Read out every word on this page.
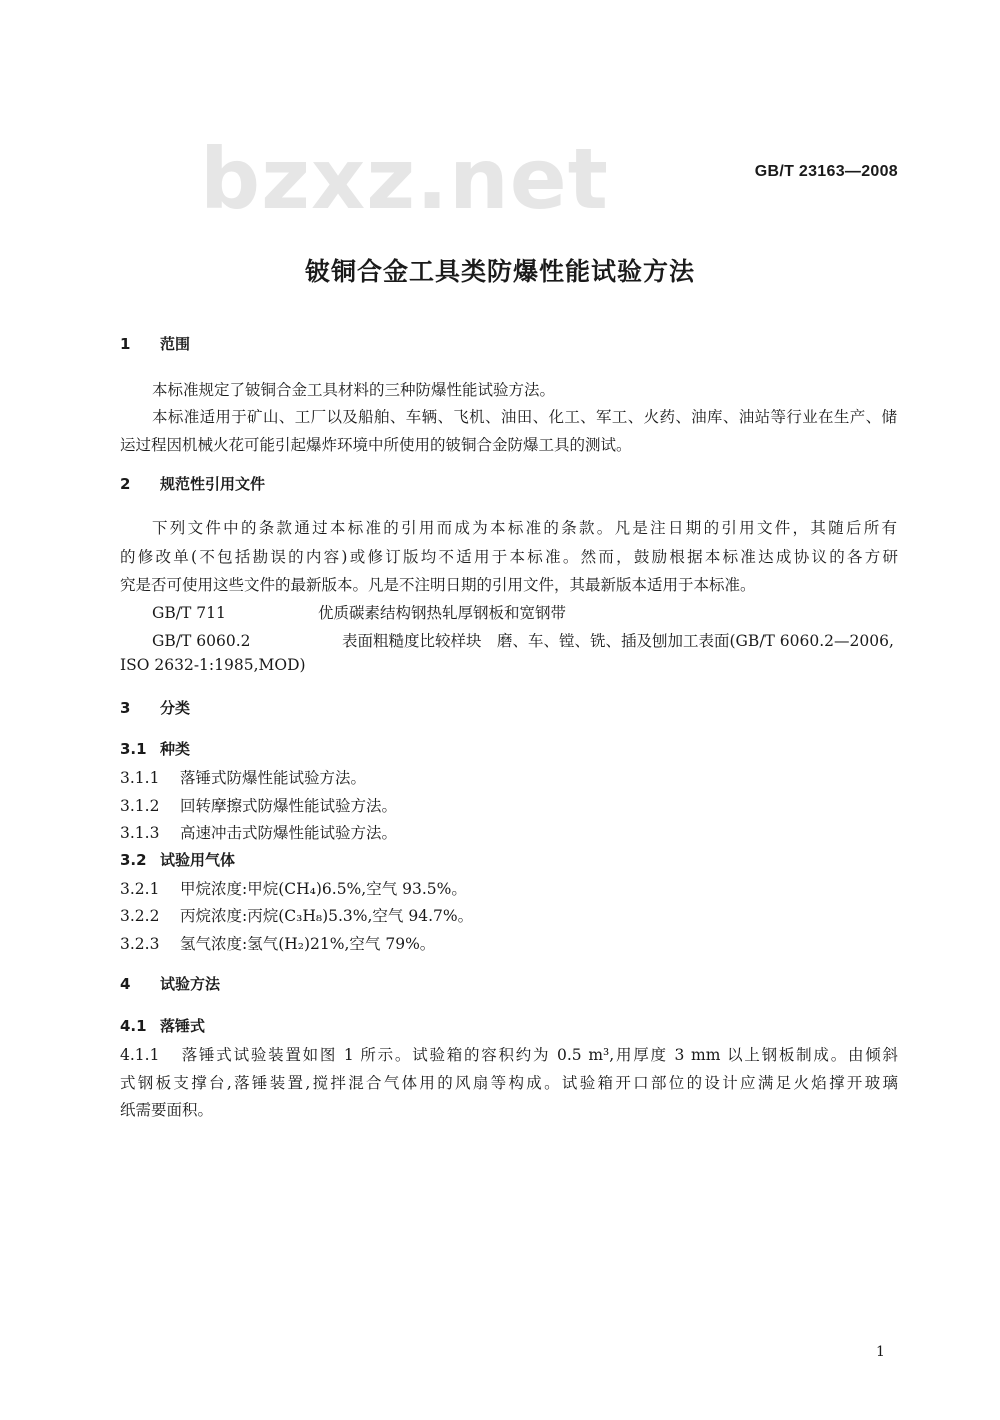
bzxz.net	GB/T 23163—2008
铍铜合金工具类防爆性能试验方法
1 范围
本标准规定了铍铜合金工具材料的三种防爆性能试验方法。
本标准适用于矿山、工厂以及船舶、车辆、飞机、油田、化工、军工、火药、油库、油站等行业在生产、储
运过程因机械火花可能引起爆炸环境中所使用的铍铜合金防爆工具的测试。
2 规范性引用文件
下列文件中的条款通过本标准的引用而成为本标准的条款。凡是注日期的引用文件，其随后所有
的修改单(不包括勘误的内容)或修订版均不适用于本标准。然而，鼓励根据本标准达成协议的各方研
究是否可使用这些文件的最新版本。凡是不注明日期的引用文件，其最新版本适用于本标准。
GB/T 711	优质碳素结构钢热轧厚钢板和宽钢带
GB/T 6060.2	表面粗糙度比较样块　磨、车、镗、铣、插及刨加工表面(GB/T 6060.2—2006,
ISO 2632-1:1985,MOD)
3 分类
3.1 种类
3.1.1 落锤式防爆性能试验方法。
3.1.2 回转摩擦式防爆性能试验方法。
3.1.3 高速冲击式防爆性能试验方法。
3.2 试验用气体
3.2.1 甲烷浓度:甲烷(CH₄)6.5%,空气 93.5%。
3.2.2 丙烷浓度:丙烷(C₃H₈)5.3%,空气 94.7%。
3.2.3 氢气浓度:氢气(H₂)21%,空气 79%。
4 试验方法
4.1 落锤式
4.1.1 落锤式试验装置如图 1 所示。试验箱的容积约为 0.5 m³,用厚度 3 mm 以上钢板制成。由倾斜
式钢板支撑台,落锤装置,搅拌混合气体用的风扇等构成。试验箱开口部位的设计应满足火焰撑开玻璃
纸需要面积。
1
